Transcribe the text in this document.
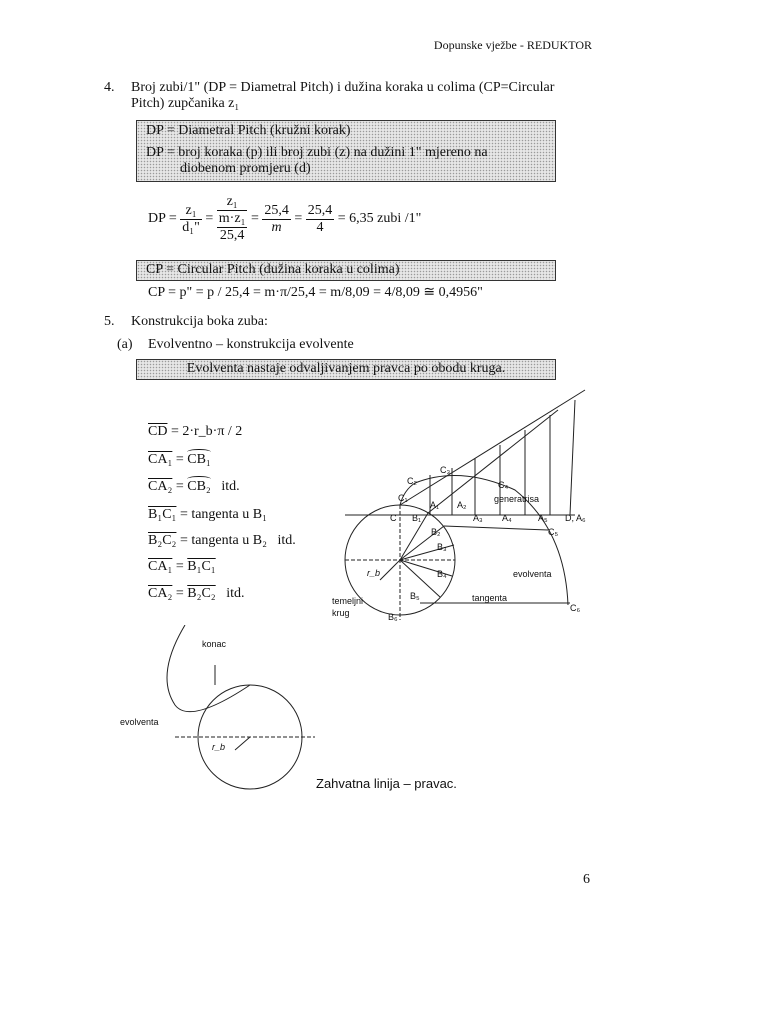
Dopunske vježbe - REDUKTOR
4. Broj zubi/1" (DP = Diametral Pitch) i dužina koraka u colima (CP=Circular
Pitch) zupčanika z₁
DP = Diametral Pitch (kružni korak)
DP = broj koraka (p) ili broj zubi (z) na dužini 1" mjereno na
diobenom promjeru (d)
DP = $\frac{\text{z₁}}{\text{d₁"}}$ =
z₁
m·z₁
25,4
= $\frac{25,4}{m} = \frac{25,4}{4} = 6,35$ zubi /1"
CP = Circular Pitch (dužina koraka u colima)
CP = p" = p / 25,4 = m·π/25,4 = m/8,09 = 4/8,09 ≅ 0,4956"
5. Konstrukcija boka zuba:
(a) Evolventno – konstrukcija evolvente
Evolventa nastaje odvaljivanjem pravca po obodu kruga.
$\overline{CD}$ = 2·r_b·π / 2
CA₁ = CB₁
CA₂ = CB₂ itd.
B₁C₁ = tangenta u B₁
B₂C₂ = tangenta u B₂ itd.
CA₁ = B₁C₁
CA₂ = B₂C₂ itd.
C₁
C₂
C₃
C₄
C₅
C₆
C
A₁ A₂
A₃ A₄	A₅ D, A₆
generatrisa
B₁
B₂
B₃
B₄
B₅
B₆
evolventa
tangenta
temeljni
krug
r_b
konac
evolventa
r_b
Zahvatna linija – pravac.
6
